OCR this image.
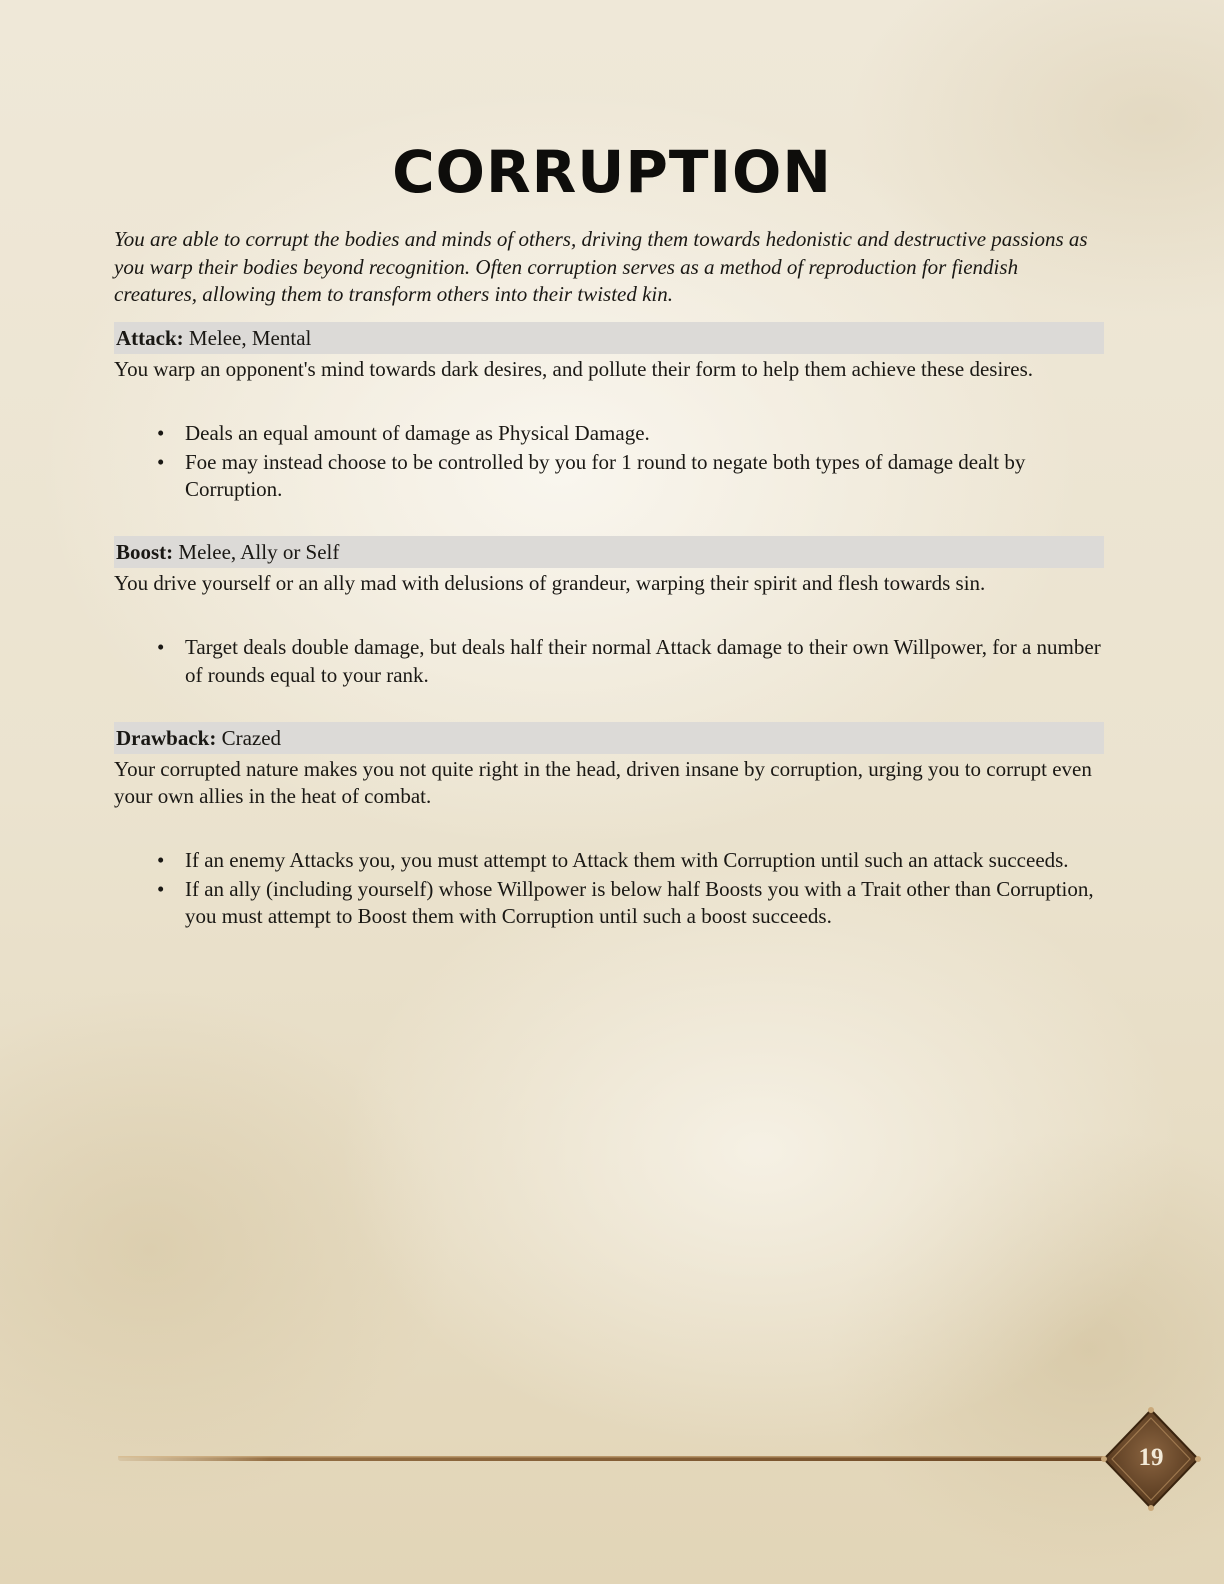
CORRUPTION

You are able to corrupt the bodies and minds of others, driving them towards hedonistic and destructive passions as you warp their bodies beyond recognition. Often corruption serves as a method of reproduction for fiendish creatures, allowing them to transform others into their twisted kin.

Attack: Melee, Mental

You warp an opponent's mind towards dark desires, and pollute their form to help them achieve these desires.

• Deals an equal amount of damage as Physical Damage.
• Foe may instead choose to be controlled by you for 1 round to negate both types of damage dealt by Corruption.
Boost: Melee, Ally or Self

You drive yourself or an ally mad with delusions of grandeur, warping their spirit and flesh towards sin.

• Target deals double damage, but deals half their normal Attack damage to their own Willpower, for a number of rounds equal to your rank.
Drawback: Crazed

Your corrupted nature makes you not quite right in the head, driven insane by corruption, urging you to corrupt even your own allies in the heat of combat.

• If an enemy Attacks you, you must attempt to Attack them with Corruption until such an attack succeeds.
• If an ally (including yourself) whose Willpower is below half Boosts you with a Trait other than Corruption, you must attempt to Boost them with Corruption until such a boost succeeds.
19
